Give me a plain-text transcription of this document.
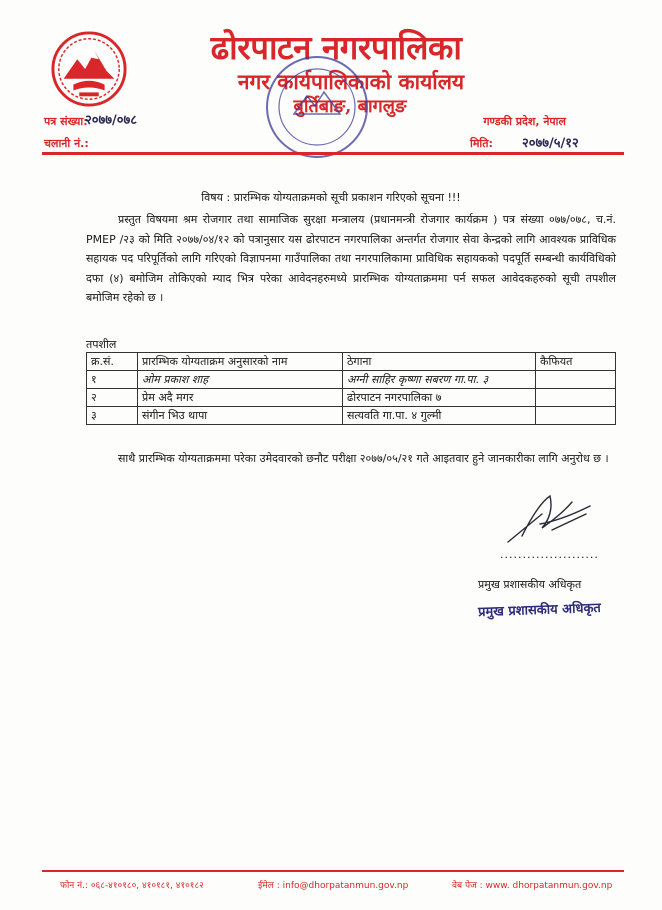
ढोरपाटन नगरपालिका
नगर कार्यपालिकाको कार्यालय
बुर्तिबाङ, बागलुङ
पत्र संख्या:
२०७७/०७८
चलानी नं.:
गण्डकी प्रदेश, नेपाल
मिति: २०७७/५/१२
विषय : प्रारम्भिक योग्यताक्रमको सूची प्रकाशन गरिएको सूचना !!!
प्रस्तुत विषयमा श्रम रोजगार तथा सामाजिक सुरक्षा मन्त्रालय (प्रधानमन्त्री रोजगार कार्यक्रम ) पत्र संख्या ०७७/०७८, च.नं. PMEP /२३ को मिति २०७७/०४/१२ को पत्रानुसार यस ढोरपाटन नगरपालिका अन्तर्गत रोजगार सेवा केन्द्रको लागि आवश्यक प्राविधिक सहायक पद परिपूर्तिको लागि गरिएको विज्ञापनमा गाउँपालिका तथा नगरपालिकामा प्राविधिक सहायकको पदपूर्ति सम्बन्धी कार्यविधिको दफा (४) बमोजिम तोकिएको म्याद भित्र परेका आवेदनहरुमध्ये प्रारम्भिक योग्यताक्रममा पर्न सफल आवेदकहरुको सूची तपशील बमोजिम रहेको छ ।
तपशील
क्र.सं.	प्रारम्भिक योग्यताक्रम अनुसारको नाम	ठेगाना	कैफियत
१	ओम प्रकाश शाह	अग्नी साहिर कृष्णा सबरण गा.पा. ३	
२	प्रेम अदै मगर	ढोरपाटन नगरपालिका ७	
३	संगीन भिउ थापा	सत्यवति गा.पा. ४ गुल्मी	
साथै प्रारम्भिक योग्यताक्रममा परेका उमेदवारको छनौट परीक्षा २०७७/०५/२१ गते आइतवार हुने जानकारीका लागि अनुरोध छ ।
......................
प्रमुख प्रशासकीय अधिकृत
प्रमुख प्रशासकीय अधिकृत
फोन नं.: ०६८-४१०१८०, ४१०१८१, ४१०१८२	ईमेल : info@dhorpatanmun.gov.np	वेब पेज : www. dhorpatanmun.gov.np
